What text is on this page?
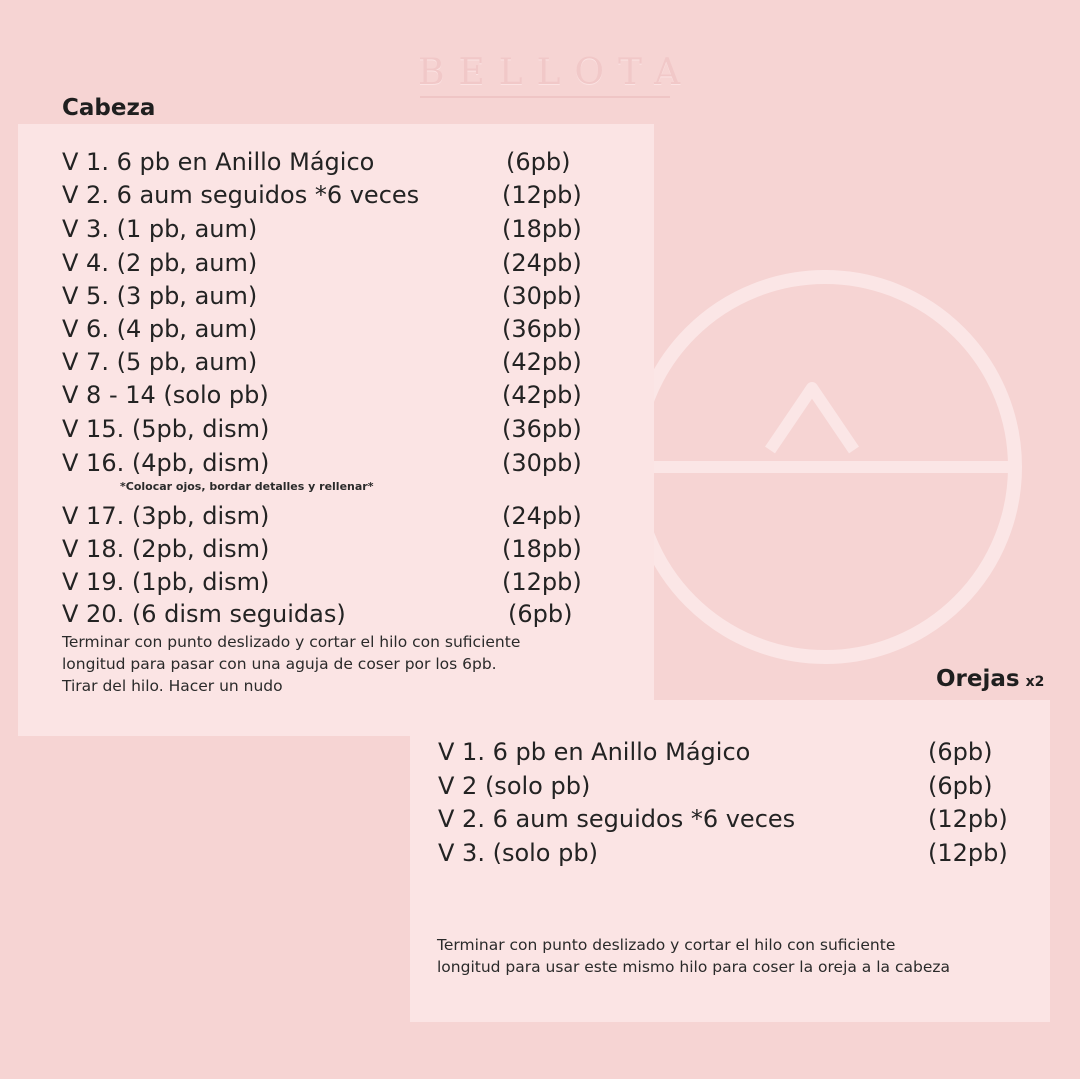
BELLOTA
Cabeza
V 1. 6 pb en Anillo Mágico	(6pb)
V 2. 6 aum seguidos *6 veces	(12pb)
V 3. (1 pb, aum)	(18pb)
V 4. (2 pb, aum)	(24pb)
V 5. (3 pb, aum)	(30pb)
V 6. (4 pb, aum)	(36pb)
V 7. (5 pb, aum)	(42pb)
V 8 - 14 (solo pb)	(42pb)
V 15. (5pb, dism)	(36pb)
V 16. (4pb, dism)	(30pb)
*Colocar ojos, bordar detalles y rellenar*
V 17. (3pb, dism)	(24pb)
V 18. (2pb, dism)	(18pb)
V 19. (1pb, dism)	(12pb)
V 20. (6 dism seguidas)	(6pb)
Terminar con punto deslizado y cortar el hilo con suficiente
longitud para pasar con una aguja de coser por los 6pb.
Tirar del hilo. Hacer un nudo	Orejas x2
V 1. 6 pb en Anillo Mágico	(6pb)
V 2 (solo pb)	(6pb)
V 2. 6 aum seguidos *6 veces	(12pb)
V 3. (solo pb)	(12pb)
Terminar con punto deslizado y cortar el hilo con suficiente
longitud para usar este mismo hilo para coser la oreja a la cabeza
